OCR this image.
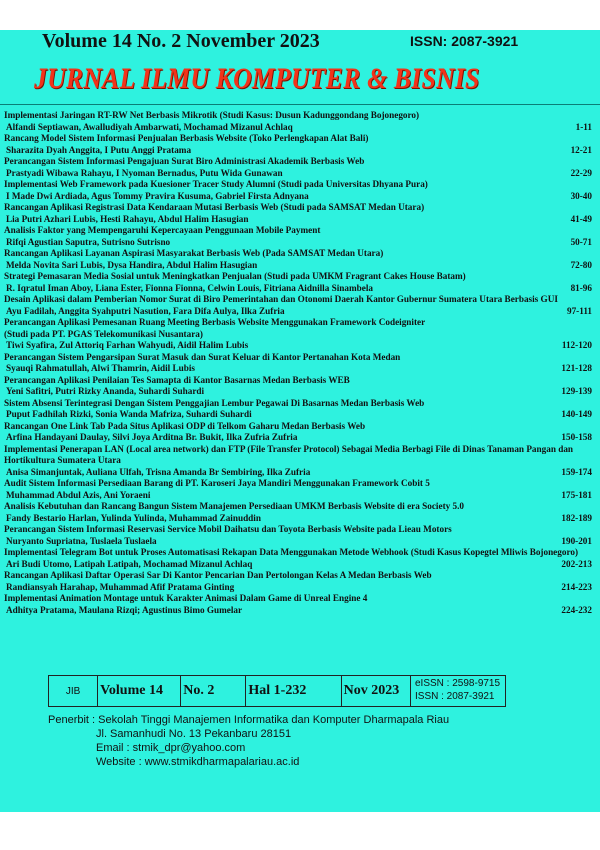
Volume 14 No. 2 November 2023	ISSN: 2087-3921
JURNAL ILMU KOMPUTER & BISNIS
Implementasi Jaringan RT-RW Net Berbasis Mikrotik (Studi Kasus: Dusun Kadunggondang Bojonegoro)
Alfandi Septiawan, Awalludiyah Ambarwati, Mochamad Mizanul Achlaq	1-11
Rancang Model Sistem Informasi Penjualan Berbasis Website (Toko Perlengkapan Alat Bali)
Sharazita Dyah Anggita, I Putu Anggi Pratama	12-21
Perancangan Sistem Informasi Pengajuan Surat Biro Administrasi Akademik Berbasis Web
Prastyadi Wibawa Rahayu, I Nyoman Bernadus, Putu Wida Gunawan	22-29
Implementasi Web Framework pada Kuesioner Tracer Study Alumni (Studi pada Universitas Dhyana Pura)
I Made Dwi Ardiada, Agus Tommy Pravira Kusuma, Gabriel Firsta Adnyana	30-40
Rancangan Aplikasi Registrasi Data Kendaraan Mutasi Berbasis Web (Studi pada SAMSAT Medan Utara)
Lia Putri Azhari Lubis, Hesti Rahayu, Abdul Halim Hasugian	41-49
Analisis Faktor yang Mempengaruhi Kepercayaan Penggunaan Mobile Payment
Rifqi Agustian Saputra, Sutrisno Sutrisno	50-71
Rancangan Aplikasi Layanan Aspirasi Masyarakat Berbasis Web (Pada SAMSAT Medan Utara)
Melda Novita Sari Lubis, Dysa Handira, Abdul Halim Hasugian	72-80
Strategi Pemasaran Media Sosial untuk Meningkatkan Penjualan (Studi pada UMKM Fragrant Cakes House Batam)
R. Iqratul Iman Aboy, Liana Ester, Fionna Fionna, Celwin Louis, Fitriana Aidnilla Sinambela	81-96
Desain Aplikasi dalam Pemberian Nomor Surat di Biro Pemerintahan dan Otonomi Daerah Kantor Gubernur Sumatera Utara Berbasis GUI
Ayu Fadilah, Anggita Syahputri Nasution, Fara Difa Aulya, Ilka Zufria	97-111
Perancangan Aplikasi Pemesanan Ruang Meeting Berbasis Website Menggunakan Framework Codeigniter
(Studi pada PT. PGAS Telekomunikasi Nusantara)
Tiwi Syafira, Zul Attoriq Farhan Wahyudi, Aidil Halim Lubis	112-120
Perancangan Sistem Pengarsipan Surat Masuk dan Surat Keluar di Kantor Pertanahan Kota Medan
Syauqi Rahmatullah, Alwi Thamrin, Aidil Lubis	121-128
Perancangan Aplikasi Penilaian Tes Samapta di Kantor Basarnas Medan Berbasis WEB
Yeni Safitri, Putri Rizky Ananda, Suhardi Suhardi	129-139
Sistem Absensi Terintegrasi Dengan Sistem Penggajian Lembur Pegawai Di Basarnas Medan Berbasis Web
Puput Fadhilah Rizki, Sonia Wanda Mafriza, Suhardi Suhardi	140-149
Rancangan One Link Tab Pada Situs Aplikasi ODP di Telkom Gaharu Medan Berbasis Web
Arfina Handayani Daulay, Silvi Joya Arditna Br. Bukit, Ilka Zufria Zufria	150-158
Implementasi Penerapan LAN (Local area network) dan FTP (File Transfer Protocol) Sebagai Media Berbagi File di Dinas Tanaman Pangan dan
Hortikultura Sumatera Utara
Anisa Simanjuntak, Auliana Ulfah, Trisna Amanda Br Sembiring, Ilka Zufria	159-174
Audit Sistem Informasi Persediaan Barang di PT. Karoseri Jaya Mandiri Menggunakan Framework Cobit 5
Muhammad Abdul Azis, Ani Yoraeni	175-181
Analisis Kebutuhan dan Rancang Bangun Sistem Manajemen Persediaan UMKM Berbasis Website di era Society 5.0
Fandy Bestario Harlan, Yulinda Yulinda, Muhammad Zainuddin	182-189
Perancangan Sistem Informasi Reservasi Service Mobil Daihatsu dan Toyota Berbasis Website pada Lieau Motors
Nuryanto Supriatna, Tuslaela Tuslaela	190-201
Implementasi Telegram Bot untuk Proses Automatisasi Rekapan Data Menggunakan Metode Webhook (Studi Kasus Kopegtel Mliwis Bojonegoro)
Ari Budi Utomo, Latipah Latipah, Mochamad Mizanul Achlaq	202-213
Rancangan Aplikasi Daftar Operasi Sar Di Kantor Pencarian Dan Pertolongan Kelas A Medan Berbasis Web
Randiansyah Harahap, Muhammad Afif Pratama Ginting	214-223
Implementasi Animation Montage untuk Karakter Animasi Dalam Game di Unreal Engine 4
Adhitya Pratama, Maulana Rizqi; Agustinus Bimo Gumelar	224-232
JIB	Volume 14	No. 2	Hal 1-232	Nov 2023	eISSN : 2598-9715
ISSN : 2087-3921
Penerbit : Sekolah Tinggi Manajemen Informatika dan Komputer Dharmapala Riau
Jl. Samanhudi No. 13 Pekanbaru 28151
Email : stmik_dpr@yahoo.com
Website : www.stmikdharmapalariau.ac.id
